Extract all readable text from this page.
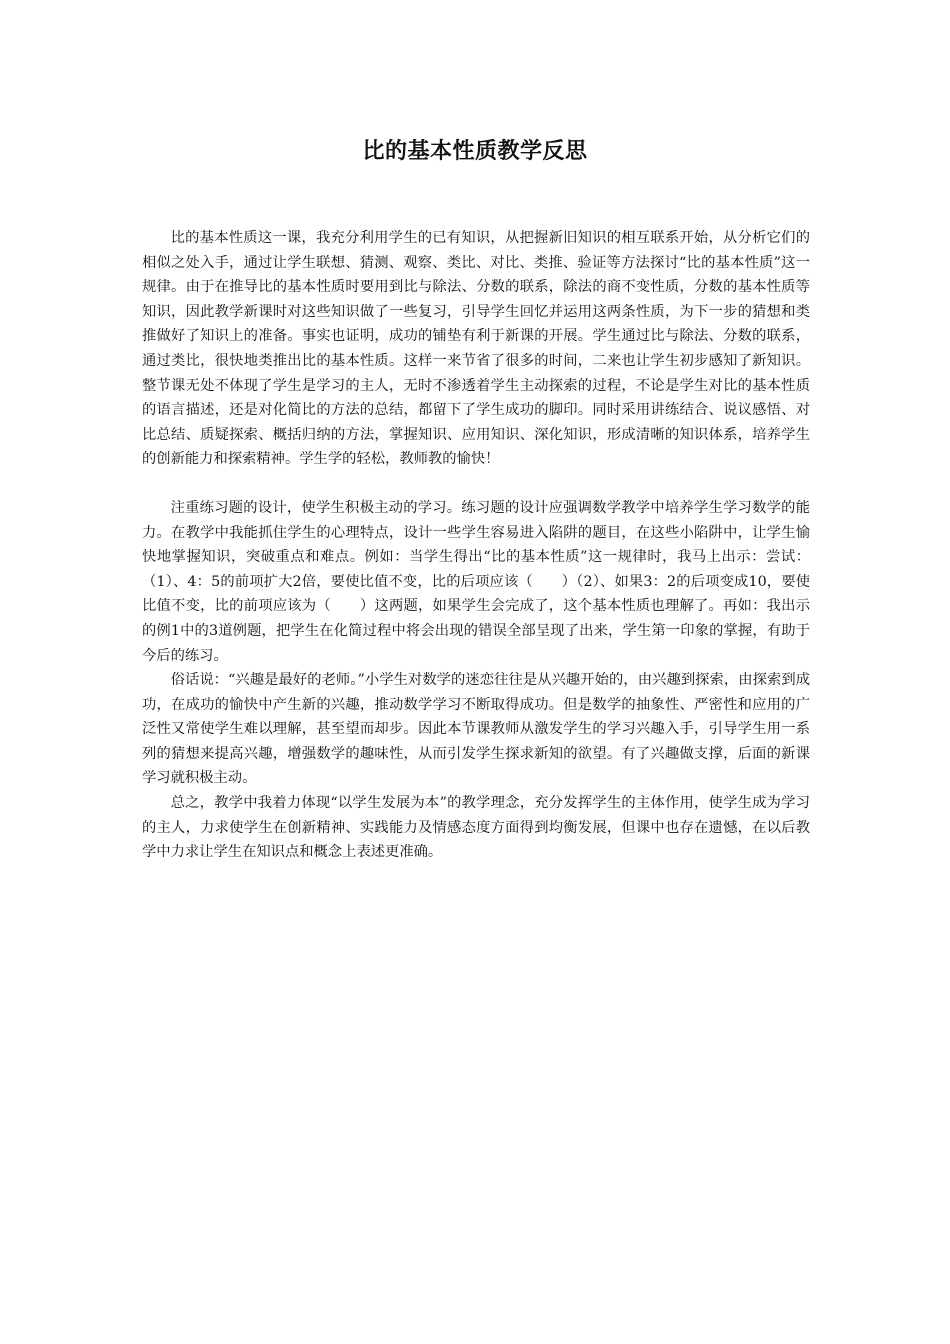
比的基本性质教学反思

比的基本性质这一课，我充分利用学生的已有知识，从把握新旧知识的相互联系开始，从分析它们的相似之处入手，通过让学生联想、猜测、观察、类比、对比、类推、验证等方法探讨“比的基本性质”这一规律。由于在推导比的基本性质时要用到比与除法、分数的联系，除法的商不变性质，分数的基本性质等知识，因此教学新课时对这些知识做了一些复习，引导学生回忆并运用这两条性质，为下一步的猜想和类推做好了知识上的准备。事实也证明，成功的铺垫有利于新课的开展。学生通过比与除法、分数的联系，通过类比，很快地类推出比的基本性质。这样一来节省了很多的时间，二来也让学生初步感知了新知识。整节课无处不体现了学生是学习的主人，无时不渗透着学生主动探索的过程，不论是学生对比的基本性质的语言描述，还是对化简比的方法的总结，都留下了学生成功的脚印。同时采用讲练结合、说议感悟、对比总结、质疑探索、概括归纳的方法，掌握知识、应用知识、深化知识，形成清晰的知识体系，培养学生的创新能力和探索精神。学生学的轻松，教师教的愉快！

注重练习题的设计，使学生积极主动的学习。练习题的设计应强调数学教学中培养学生学习数学的能力。在教学中我能抓住学生的心理特点，设计一些学生容易进入陷阱的题目，在这些小陷阱中，让学生愉快地掌握知识，突破重点和难点。例如：当学生得出“比的基本性质”这一规律时，我马上出示：尝试：（1）、4：5的前项扩大2倍，要使比值不变，比的后项应该（　　）（2）、如果3：2的后项变成10，要使比值不变，比的前项应该为（　　）这两题，如果学生会完成了，这个基本性质也理解了。再如：我出示的例1中的3道例题，把学生在化简过程中将会出现的错误全部呈现了出来，学生第一印象的掌握，有助于今后的练习。

俗话说：“兴趣是最好的老师。”小学生对数学的迷恋往往是从兴趣开始的，由兴趣到探索，由探索到成功，在成功的愉快中产生新的兴趣，推动数学学习不断取得成功。但是数学的抽象性、严密性和应用的广泛性又常使学生难以理解，甚至望而却步。因此本节课教师从激发学生的学习兴趣入手，引导学生用一系列的猜想来提高兴趣，增强数学的趣味性，从而引发学生探求新知的欲望。有了兴趣做支撑，后面的新课学习就积极主动。

总之，教学中我着力体现“以学生发展为本”的教学理念，充分发挥学生的主体作用，使学生成为学习的主人，力求使学生在创新精神、实践能力及情感态度方面得到均衡发展，但课中也存在遗憾，在以后教学中力求让学生在知识点和概念上表述更准确。
